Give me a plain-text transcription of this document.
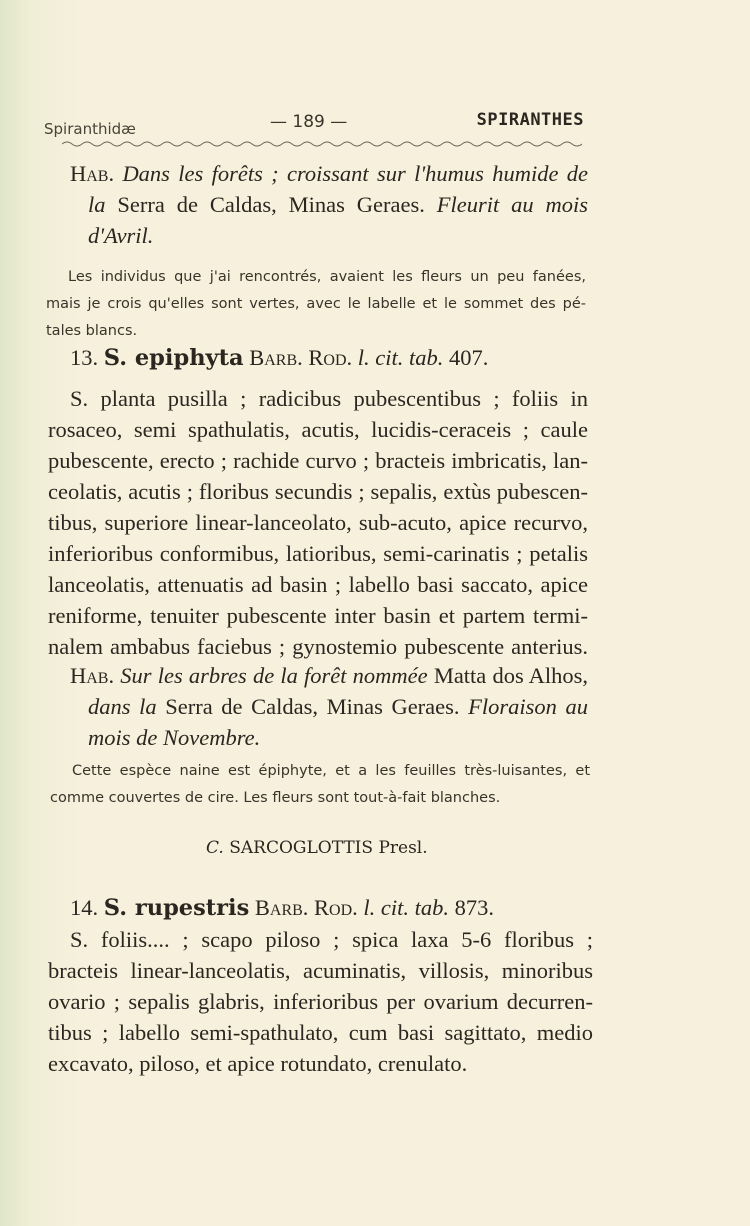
Spiranthidæ	— 189 —	SPIRANTHES
Hab. Dans les forêts ; croissant sur l'humus humide de
la Serra de Caldas, Minas Geraes. Fleurit au mois
d'Avril.
Les individus que j'ai rencontrés, avaient les fleurs un peu fanées,
mais je crois qu'elles sont vertes, avec le labelle et le sommet des pé-
tales blancs.
13. S. epiphyta Barb. Rod. l. cit. tab. 407.
S. planta pusilla ; radicibus pubescentibus ; foliis in
rosaceo, semi spathulatis, acutis, lucidis-ceraceis ; caule
pubescente, erecto ; rachide curvo ; bracteis imbricatis, lan-
ceolatis, acutis ; floribus secundis ; sepalis, extùs pubescen-
tibus, superiore linear-lanceolato, sub-acuto, apice recurvo,
inferioribus conformibus, latioribus, semi-carinatis ; petalis
lanceolatis, attenuatis ad basin ; labello basi saccato, apice
reniforme, tenuiter pubescente inter basin et partem termi-
nalem ambabus faciebus ; gynostemio pubescente anterius.
Hab. Sur les arbres de la forêt nommée Matta dos Alhos,
dans la Serra de Caldas, Minas Geraes. Floraison au
mois de Novembre.
Cette espèce naine est épiphyte, et a les feuilles très-luisantes, et
comme couvertes de cire. Les fleurs sont tout-à-fait blanches.
C. SARCOGLOTTIS Presl.
14. S. rupestris Barb. Rod. l. cit. tab. 873.
S. foliis.... ; scapo piloso ; spica laxa 5-6 floribus ;
bracteis linear-lanceolatis, acuminatis, villosis, minoribus
ovario ; sepalis glabris, inferioribus per ovarium decurren-
tibus ; labello semi-spathulato, cum basi sagittato, medio
excavato, piloso, et apice rotundato, crenulato.
